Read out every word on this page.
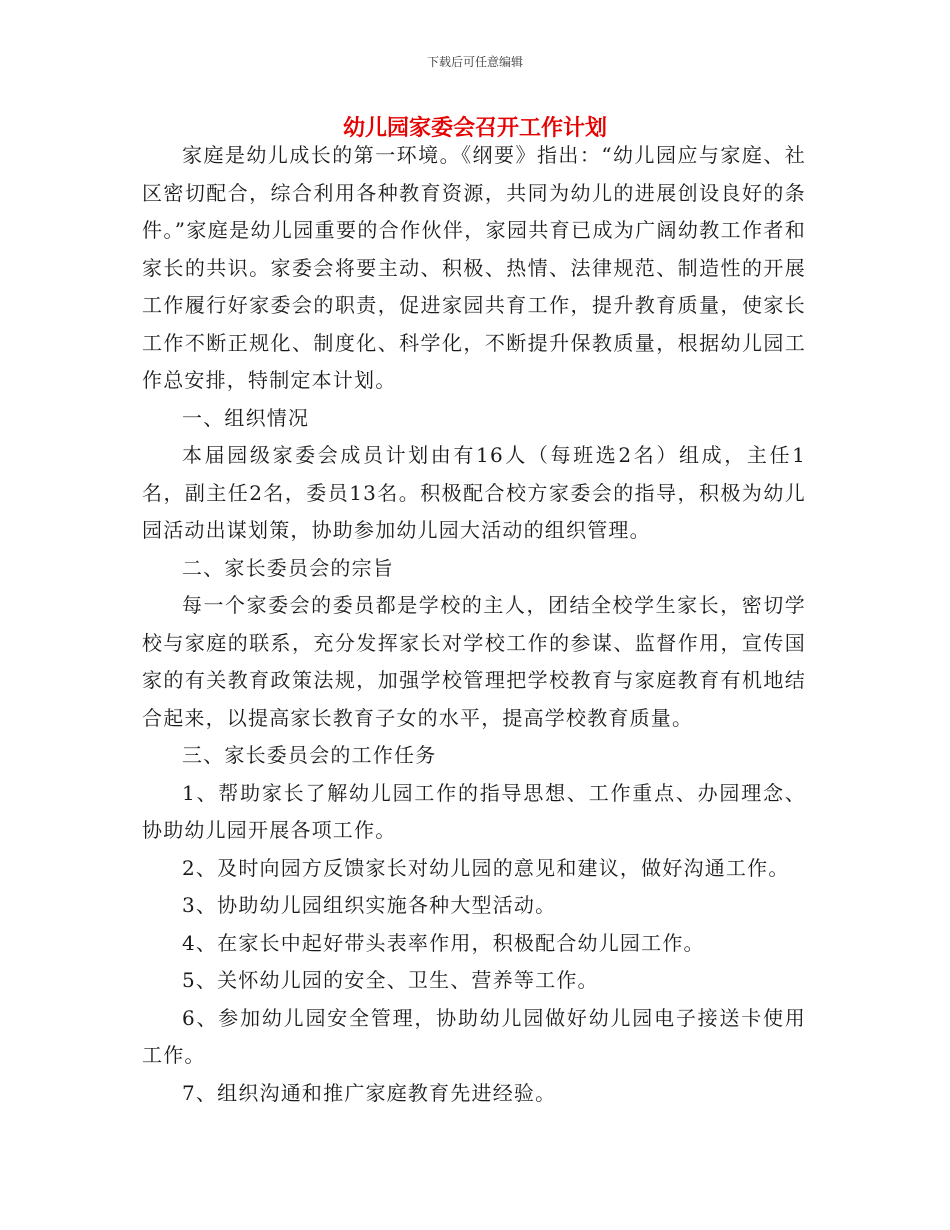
下载后可任意编辑
幼儿园家委会召开工作计划

家庭是幼儿成长的第一环境。《纲要》指出：“幼儿园应与家庭、社区密切配合，综合利用各种教育资源，共同为幼儿的进展创设良好的条件。”家庭是幼儿园重要的合作伙伴，家园共育已成为广阔幼教工作者和家长的共识。家委会将要主动、积极、热情、法律规范、制造性的开展工作履行好家委会的职责，促进家园共育工作，提升教育质量，使家长工作不断正规化、制度化、科学化，不断提升保教质量，根据幼儿园工作总安排，特制定本计划。

一、组织情况

本届园级家委会成员计划由有16人（每班选2名）组成，主任1名，副主任2名，委员13名。积极配合校方家委会的指导，积极为幼儿园活动出谋划策，协助参加幼儿园大活动的组织管理。

二、家长委员会的宗旨

每一个家委会的委员都是学校的主人，团结全校学生家长，密切学校与家庭的联系，充分发挥家长对学校工作的参谋、监督作用，宣传国家的有关教育政策法规，加强学校管理把学校教育与家庭教育有机地结合起来，以提高家长教育子女的水平，提高学校教育质量。

三、家长委员会的工作任务

1、帮助家长了解幼儿园工作的指导思想、工作重点、办园理念、协助幼儿园开展各项工作。

2、及时向园方反馈家长对幼儿园的意见和建议，做好沟通工作。

3、协助幼儿园组织实施各种大型活动。

4、在家长中起好带头表率作用，积极配合幼儿园工作。

5、关怀幼儿园的安全、卫生、营养等工作。

6、参加幼儿园安全管理，协助幼儿园做好幼儿园电子接送卡使用工作。

7、组织沟通和推广家庭教育先进经验。
